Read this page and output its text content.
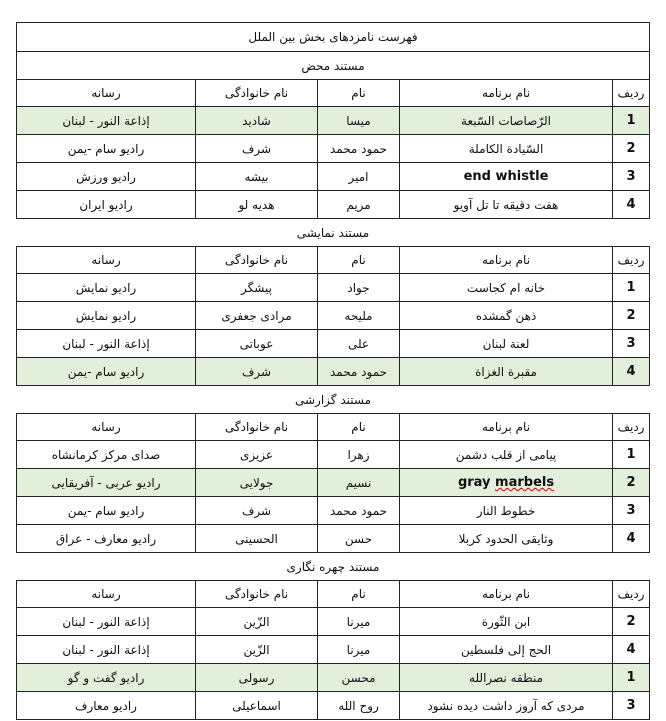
فهرست نامزدهای بخش بین الملل				
مستند محض				
ردیف	نام برنامه	نام	نام خانوادگی	رسانه
1	الرّصاصات السّبعة	میسا	شادید	إذاعة النور - لبنان
2	السّیادة الکاملة	حمود محمد	شرف	رادیو سام -یمن
3	end whistle	امیر	بیشه	رادیو ورزش
4	هفت دقیقه تا تل آویو	مریم	هدیه لو	رادیو ایران
مستند نمایشی				
ردیف	نام برنامه	نام	نام خانوادگی	رسانه
1	خانه ام کجاست	جواد	پیشگر	رادیو نمایش
2	ذهن گمشده	ملیحه	مرادی جعفری	رادیو نمایش
3	لعنة لبنان	علی	عوباتی	إذاعة النور - لبنان
4	مقبرة الغزاة	حمود محمد	شرف	رادیو سام -یمن
مستند گزارشی				
ردیف	نام برنامه	نام	نام خانوادگی	رسانه
1	پیامی از قلب دشمن	زهرا	عزیزی	صدای مرکز کرمانشاه
2	gray marbels	نسیم	جولایی	رادیو عربی - آفریقایی
3	خطوط النار	حمود محمد	شرف	رادیو سام -یمن
4	وثایقی الحدود کربلا	حسن	الحسینی	رادیو معارف - عراق
مستند چهره نگاری				
ردیف	نام برنامه	نام	نام خانوادگی	رسانه
2	ابن الثّورة	میرنا	الزّین	إذاعة النور - لبنان
4	الحج إلی فلسطین	میرنا	الزّین	إذاعة النور - لبنان
1	منطقه نصرالله	محسن	رسولی	رادیو گفت و گو
3	مردی که آروز داشت دیده نشود	روح الله	اسماعیلی	رادیو معارف
